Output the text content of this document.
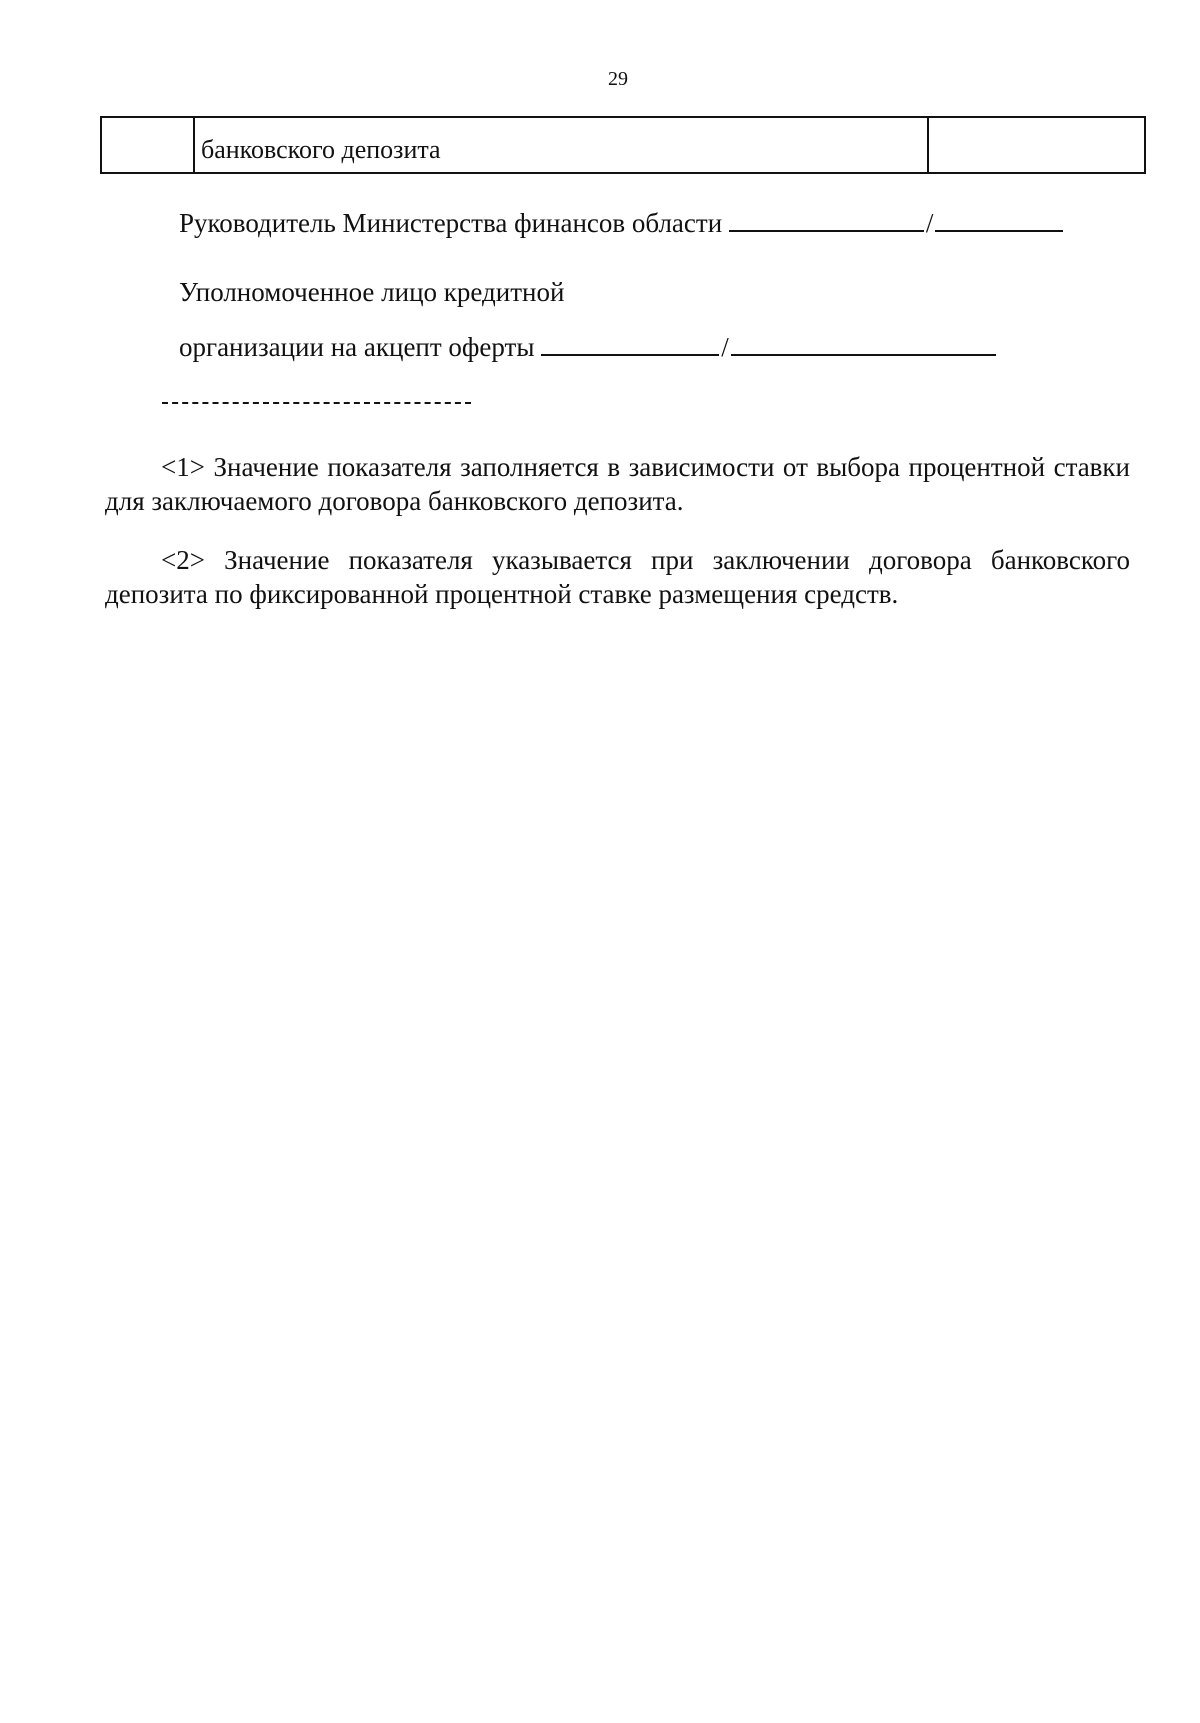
29
банковского депозита
Руководитель Министерства финансов области	/
Уполномоченное лицо кредитной
организации на акцепт оферты	/

<1> Значение показателя заполняется в зависимости от выбора процентной ставки для заключаемого договора банковского депозита.

<2> Значение показателя указывается при заключении договора банковского депозита по фиксированной процентной ставке размещения средств.
